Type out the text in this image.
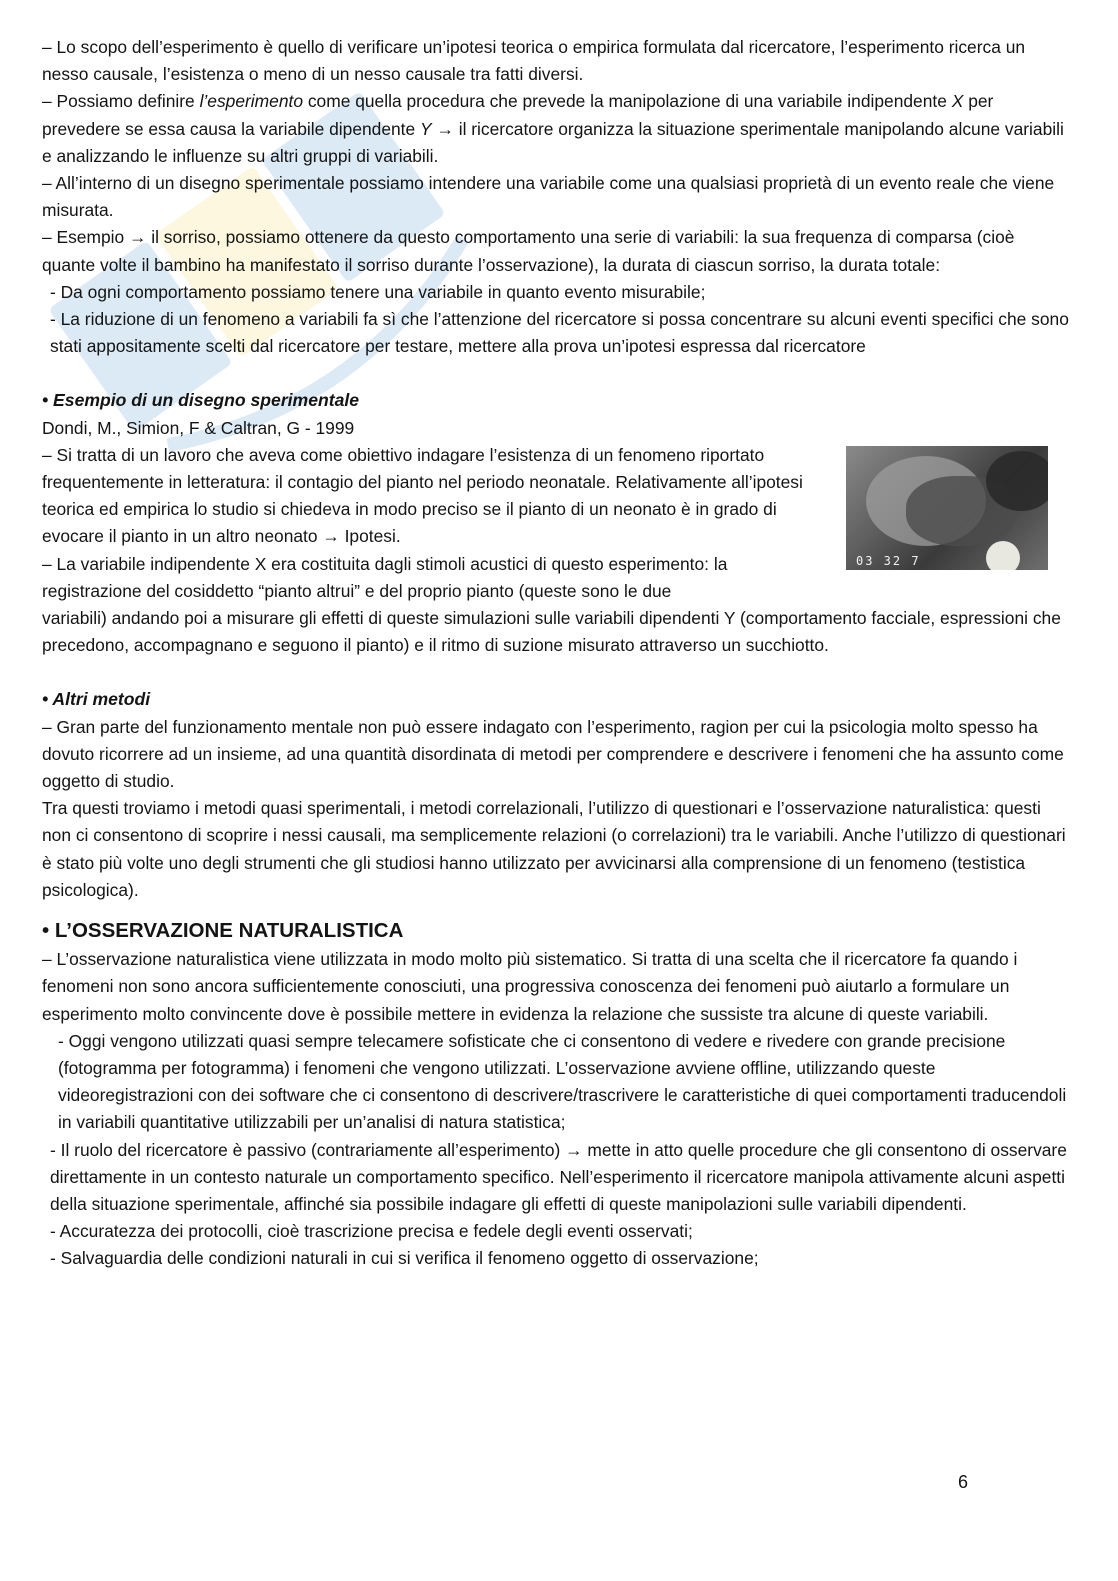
– Lo scopo dell’esperimento è quello di verificare un’ipotesi teorica o empirica formulata dal ricercatore, l’esperimento ricerca un nesso causale, l’esistenza o meno di un nesso causale tra fatti diversi.

– Possiamo definire l’esperimento come quella procedura che prevede la manipolazione di una variabile indipendente X per prevedere se essa causa la variabile dipendente Y → il ricercatore organizza la situazione sperimentale manipolando alcune variabili e analizzando le influenze su altri gruppi di variabili.

– All’interno di un disegno sperimentale possiamo intendere una variabile come una qualsiasi proprietà di un evento reale che viene misurata.

– Esempio → il sorriso, possiamo ottenere da questo comportamento una serie di variabili: la sua frequenza di comparsa (cioè quante volte il bambino ha manifestato il sorriso durante l’osservazione), la durata di ciascun sorriso, la durata totale:

- Da ogni comportamento possiamo tenere una variabile in quanto evento misurabile;

- La riduzione di un fenomeno a variabili fa sì che l’attenzione del ricercatore si possa concentrare su alcuni eventi specifici che sono stati appositamente scelti dal ricercatore per testare, mettere alla prova un’ipotesi espressa dal ricercatore

• Esempio di un disegno sperimentale

Dondi, M., Simion, F & Caltran, G - 1999

03 32 7

– Si tratta di un lavoro che aveva come obiettivo indagare l’esistenza di un fenomeno riportato frequentemente in letteratura: il contagio del pianto nel periodo neonatale. Relativamente all’ipotesi teorica ed empirica lo studio si chiedeva in modo preciso se il pianto di un neonato è in grado di evocare il pianto in un altro neonato → Ipotesi.

– La variabile indipendente X era costituita dagli stimoli acustici di questo esperimento: la registrazione del cosiddetto “pianto altrui” e del proprio pianto (queste sono le due

variabili) andando poi a misurare gli effetti di queste simulazioni sulle variabili dipendenti Y (comportamento facciale, espressioni che precedono, accompagnano e seguono il pianto) e il ritmo di suzione misurato attraverso un succhiotto.

• Altri metodi

– Gran parte del funzionamento mentale non può essere indagato con l’esperimento, ragion per cui la psicologia molto spesso ha dovuto ricorrere ad un insieme, ad una quantità disordinata di metodi per comprendere e descrivere i fenomeni che ha assunto come oggetto di studio.

Tra questi troviamo i metodi quasi sperimentali, i metodi correlazionali, l’utilizzo di questionari e l’osservazione naturalistica: questi non ci consentono di scoprire i nessi causali, ma semplicemente relazioni (o correlazioni) tra le variabili. Anche l’utilizzo di questionari è stato più volte uno degli strumenti che gli studiosi hanno utilizzato per avvicinarsi alla comprensione di un fenomeno (testistica psicologica).

• L’OSSERVAZIONE NATURALISTICA

– L’osservazione naturalistica viene utilizzata in modo molto più sistematico. Si tratta di una scelta che il ricercatore fa quando i fenomeni non sono ancora sufficientemente conosciuti, una progressiva conoscenza dei fenomeni può aiutarlo a formulare un esperimento molto convincente dove è possibile mettere in evidenza la relazione che sussiste tra alcune di queste variabili.

- Oggi vengono utilizzati quasi sempre telecamere sofisticate che ci consentono di vedere e rivedere con grande precisione (fotogramma per fotogramma) i fenomeni che vengono utilizzati. L’osservazione avviene offline, utilizzando queste videoregistrazioni con dei software che ci consentono di descrivere/trascrivere le caratteristiche di quei comportamenti traducendoli in variabili quantitative utilizzabili per un’analisi di natura statistica;

- Il ruolo del ricercatore è passivo (contrariamente all’esperimento) → mette in atto quelle procedure che gli consentono di osservare direttamente in un contesto naturale un comportamento specifico. Nell’esperimento il ricercatore manipola attivamente alcuni aspetti della situazione sperimentale, affinché sia possibile indagare gli effetti di queste manipolazioni sulle variabili dipendenti.

- Accuratezza dei protocolli, cioè trascrizione precisa e fedele degli eventi osservati;

- Salvaguardia delle condizioni naturali in cui si verifica il fenomeno oggetto di osservazione;

6
